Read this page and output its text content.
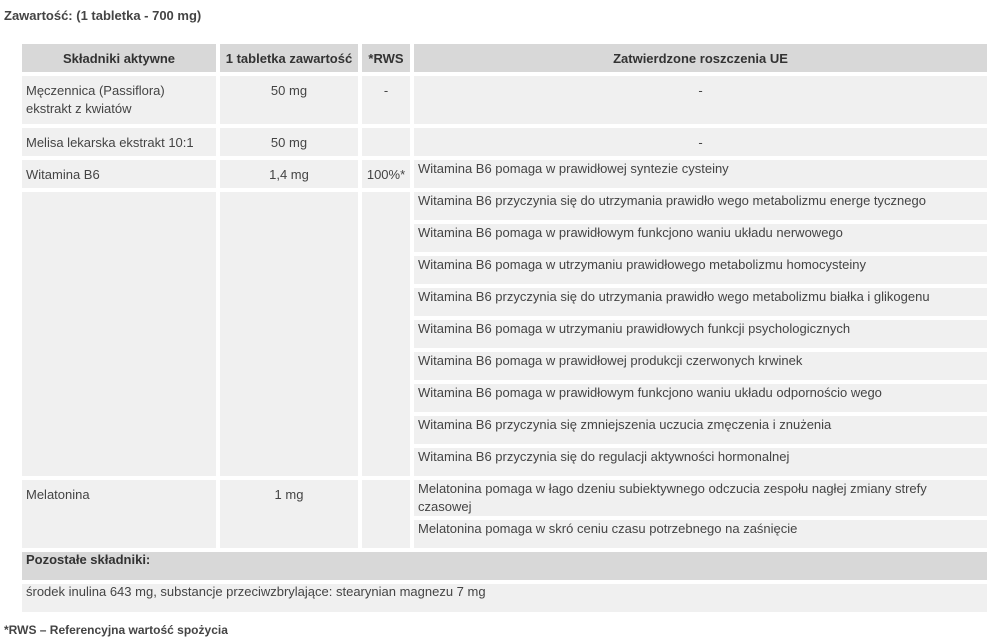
Zawartość: (1 tabletka - 700 mg)
Składniki aktywne	1 tabletka zawartość	*RWS	Zatwierdzone roszczenia UE
Męczennica (Passiflora) ekstrakt z kwiatów	50 mg	-	-
Melisa lekarska ekstrakt 10:1	50 mg		-
Witamina B6	1,4 mg	100%*	Witamina B6 pomaga w prawidłowej syntezie cysteiny
			Witamina B6 przyczynia się do utrzymania prawidło wego metabolizmu energe tycznego
			Witamina B6 pomaga w prawidłowym funkcjono waniu układu nerwowego
			Witamina B6 pomaga w utrzymaniu prawidłowego metabolizmu homocysteiny
			Witamina B6 przyczynia się do utrzymania prawidło wego metabolizmu białka i glikogenu
			Witamina B6 pomaga w utrzymaniu prawidłowych funkcji psychologicznych
			Witamina B6 pomaga w prawidłowej produkcji czerwonych krwinek
			Witamina B6 pomaga w prawidłowym funkcjono waniu układu odpornościo wego
			Witamina B6 przyczynia się zmniejszenia uczucia zmęczenia i znużenia
			Witamina B6 przyczynia się do regulacji aktywności hormonalnej
Melatonina	1 mg		Melatonina pomaga w łago dzeniu subiektywnego odczucia zespołu nagłej zmiany strefy czasowej
			Melatonina pomaga w skró ceniu czasu potrzebnego na zaśnięcie
Pozostałe składniki:			
środek inulina 643 mg, substancje przeciwzbrylające: stearynian magnezu 7 mg			
*RWS – Referencyjna wartość spożycia
